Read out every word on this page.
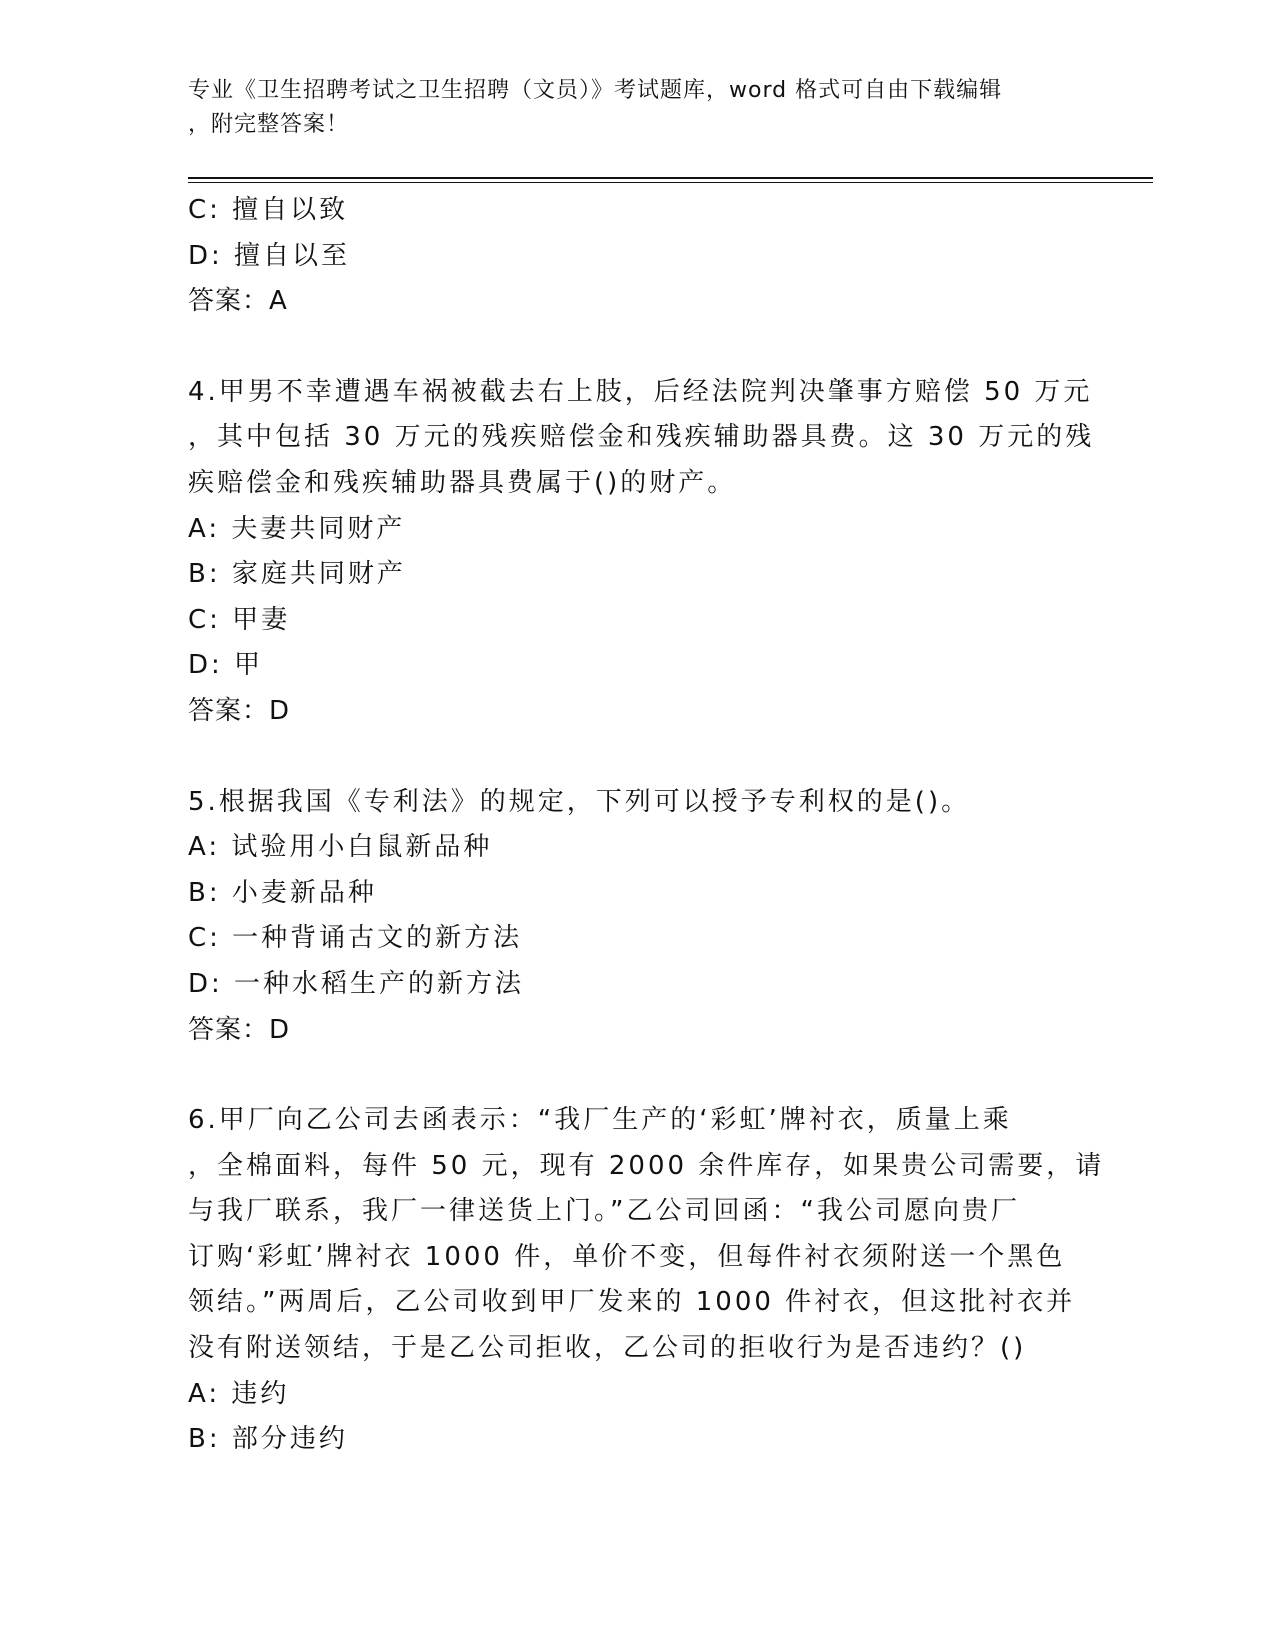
专业《卫生招聘考试之卫生招聘（文员）》考试题库，word 格式可自由下载编辑
，附完整答案！
C: 擅自以致
D: 擅自以至
答案：A
4.甲男不幸遭遇车祸被截去右上肢，后经法院判决肇事方赔偿 50 万元
，其中包括 30 万元的残疾赔偿金和残疾辅助器具费。这 30 万元的残
疾赔偿金和残疾辅助器具费属于()的财产。
A: 夫妻共同财产
B: 家庭共同财产
C: 甲妻
D: 甲
答案：D
5.根据我国《专利法》的规定，下列可以授予专利权的是()。
A: 试验用小白鼠新品种
B: 小麦新品种
C: 一种背诵古文的新方法
D: 一种水稻生产的新方法
答案：D
6.甲厂向乙公司去函表示：“我厂生产的‘彩虹’牌衬衣，质量上乘
，全棉面料，每件 50 元，现有 2000 余件库存，如果贵公司需要，请
与我厂联系，我厂一律送货上门。”乙公司回函：“我公司愿向贵厂
订购‘彩虹’牌衬衣 1000 件，单价不变，但每件衬衣须附送一个黑色
领结。”两周后，乙公司收到甲厂发来的 1000 件衬衣，但这批衬衣并
没有附送领结，于是乙公司拒收，乙公司的拒收行为是否违约？()
A: 违约
B: 部分违约
